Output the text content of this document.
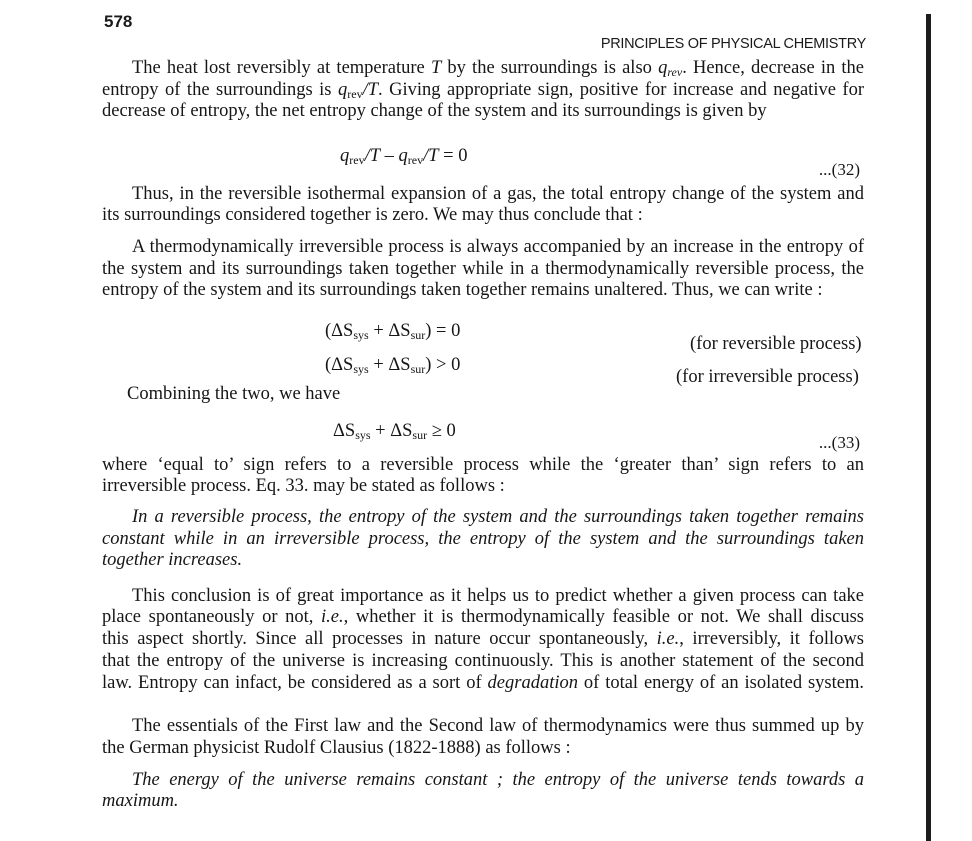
578
PRINCIPLES OF PHYSICAL CHEMISTRY
The heat lost reversibly at temperature T by the surroundings is also $q_{rev}$. Hence, decrease in the
entropy of the surroundings is $q_{rev}/T$. Giving appropriate sign, positive for increase and negative for
decrease of entropy, the net entropy change of the system and its surroundings is given by
$q_{rev}/T - q_{rev}/T = 0$
...(32)
Thus, in the reversible isothermal expansion of a gas, the total entropy change of the system and
its surroundings considered together is zero. We may thus conclude that :
A thermodynamically irreversible process is always accompanied by an increase in the entropy of
the system and its surroundings taken together while in a thermodynamically reversible process, the
entropy of the system and its surroundings taken together remains unaltered. Thus, we can write :
$(\Delta S_{sys} + \Delta S_{sur}) = 0$
(for reversible process)
$(\Delta S_{sys} + \Delta S_{sur}) > 0$
(for irreversible process)
Combining the two, we have
$\Delta S_{sys} + \Delta S_{sur} \ge 0$
...(33)
where ‘equal to’ sign refers to a reversible process while the ‘greater than’ sign refers to an
irreversible process. Eq. 33. may be stated as follows :
In a reversible process, the entropy of the system and the surroundings taken together remains
constant while in an irreversible process, the entropy of the system and the surroundings taken
together increases.
This conclusion is of great importance as it helps us to predict whether a given process can take
place spontaneously or not, i.e., whether it is thermodynamically feasible or not. We shall discuss
this aspect shortly. Since all processes in nature occur spontaneously, i.e., irreversibly, it follows
that the entropy of the universe is increasing continuously. This is another statement of the second
law. Entropy can infact, be considered as a sort of degradation of total energy of an isolated system.
The essentials of the First law and the Second law of thermodynamics were thus summed up by
the German physicist Rudolf Clausius (1822-1888) as follows :
The energy of the universe remains constant ; the entropy of the universe tends towards a
maximum.
